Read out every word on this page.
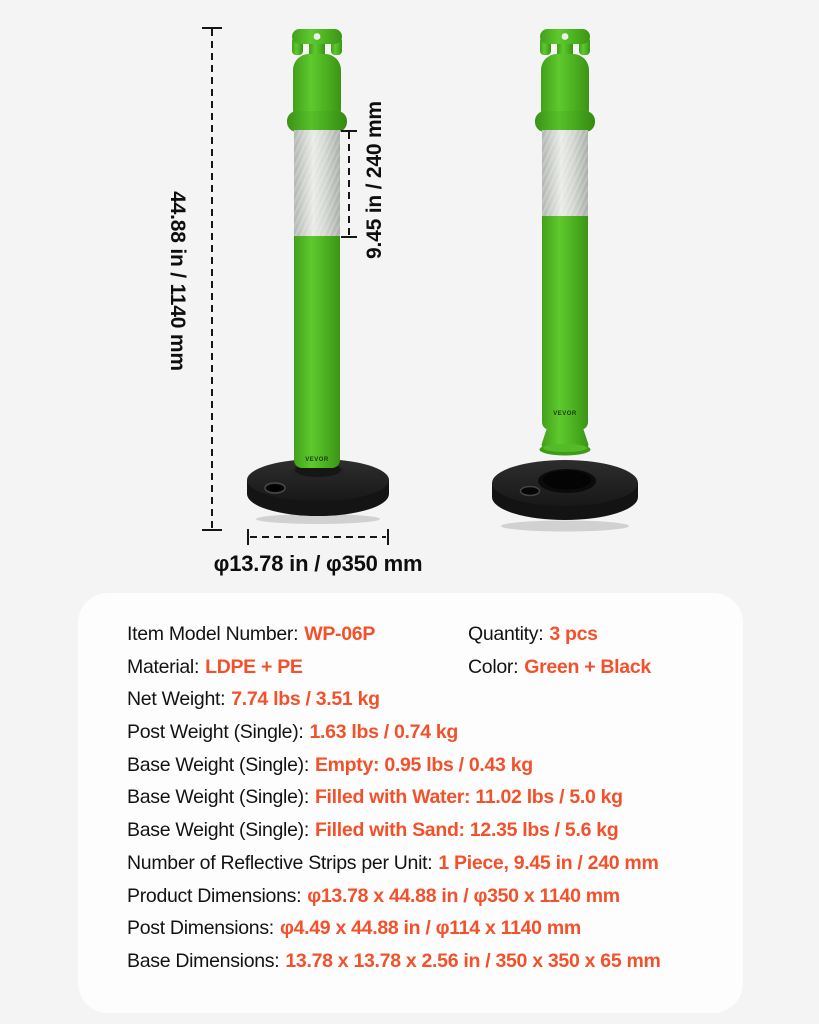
VEVOR
VEVOR
44.88 in / 1140 mm
9.45 in / 240 mm
φ13.78 in / φ350 mm
Item Model Number: WP-06P	Quantity: 3 pcs
Material: LDPE + PE	Color: Green + Black
Net Weight: 7.74 lbs / 3.51 kg
Post Weight (Single): 1.63 lbs / 0.74 kg
Base Weight (Single): Empty: 0.95 lbs / 0.43 kg
Base Weight (Single): Filled with Water: 11.02 lbs / 5.0 kg
Base Weight (Single): Filled with Sand: 12.35 lbs / 5.6 kg
Number of Reflective Strips per Unit: 1 Piece, 9.45 in / 240 mm
Product Dimensions: φ13.78 x 44.88 in / φ350 x 1140 mm
Post Dimensions: φ4.49 x 44.88 in / φ114 x 1140 mm
Base Dimensions: 13.78 x 13.78 x 2.56 in / 350 x 350 x 65 mm
